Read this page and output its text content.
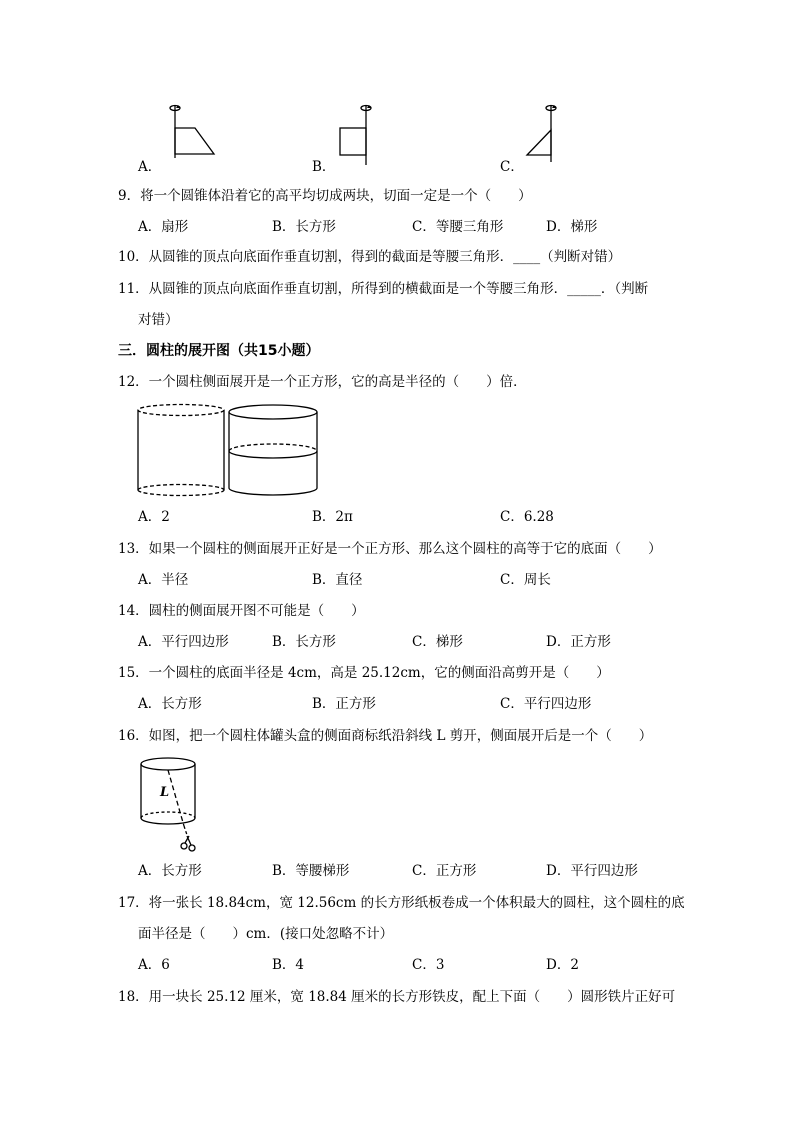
A．	B．	C．
9．将一个圆锥体沿着它的高平均切成两块，切面一定是一个（　　）
A．扇形	B．长方形	C．等腰三角形	D．梯形
10．从圆锥的顶点向底面作垂直切割，得到的截面是等腰三角形．____（判断对错）
11．从圆锥的顶点向底面作垂直切割，所得到的横截面是一个等腰三角形．_____．（判断
对错）
三．圆柱的展开图（共15小题）
12．一个圆柱侧面展开是一个正方形，它的高是半径的（　　）倍．
A．2	B．2π	C．6.28
13．如果一个圆柱的侧面展开正好是一个正方形、那么这个圆柱的高等于它的底面（　　）
A．半径	B．直径	C．周长
14．圆柱的侧面展开图不可能是（　　）
A．平行四边形	B．长方形	C．梯形	D．正方形
15．一个圆柱的底面半径是 4cm，高是 25.12cm，它的侧面沿高剪开是（　　）
A．长方形	B．正方形	C．平行四边形
16．如图，把一个圆柱体罐头盒的侧面商标纸沿斜线 L 剪开，侧面展开后是一个（　　）
L
A．长方形	B．等腰梯形	C．正方形	D．平行四边形
17．将一张长 18.84cm，宽 12.56cm 的长方形纸板卷成一个体积最大的圆柱，这个圆柱的底
面半径是（　　）cm．(接口处忽略不计）
A．6	B．4	C．3	D．2
18．用一块长 25.12 厘米，宽 18.84 厘米的长方形铁皮，配上下面（　　）圆形铁片正好可
